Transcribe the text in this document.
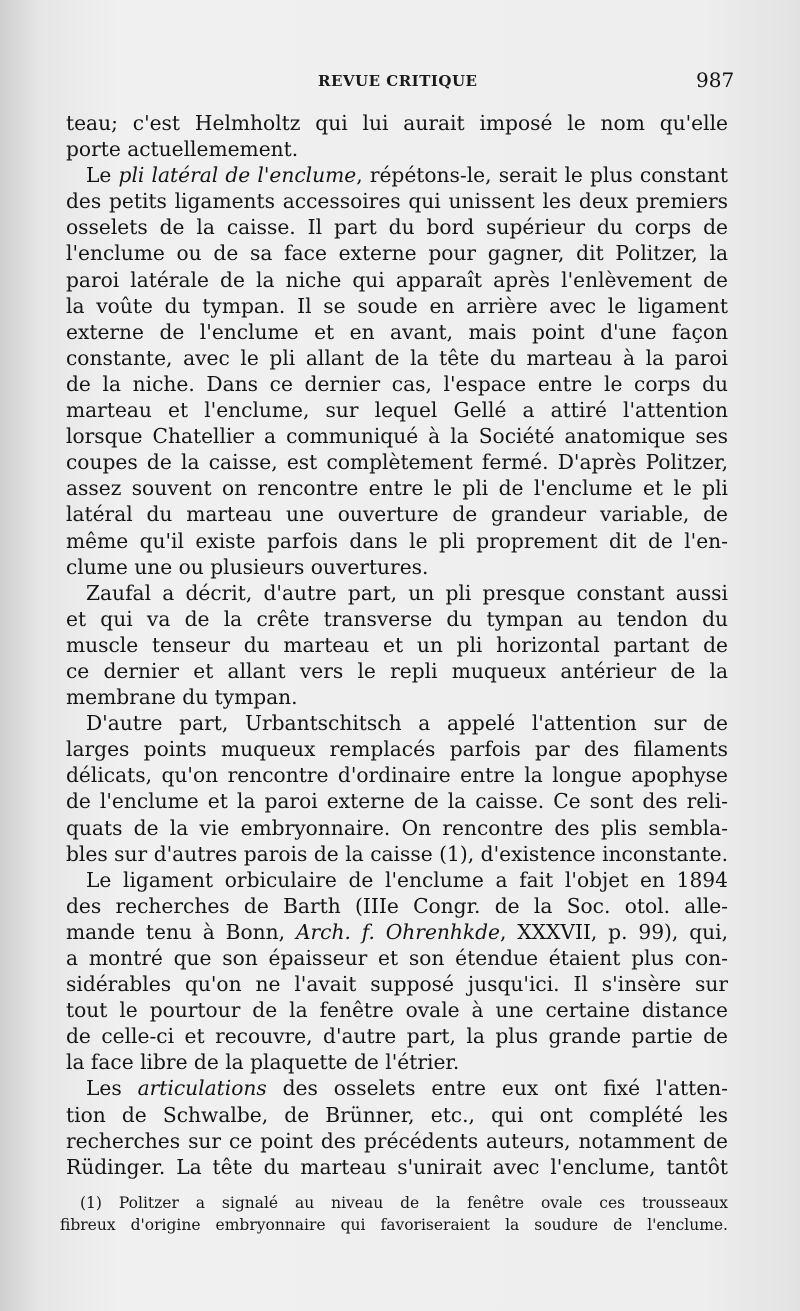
REVUE CRITIQUE	987
teau; c'est Helmholtz qui lui aurait imposé le nom qu'elle
porte actuellemement.
Le pli latéral de l'enclume, répétons-le, serait le plus constant
des petits ligaments accessoires qui unissent les deux premiers
osselets de la caisse. Il part du bord supérieur du corps de
l'enclume ou de sa face externe pour gagner, dit Politzer, la
paroi latérale de la niche qui apparaît après l'enlèvement de
la voûte du tympan. Il se soude en arrière avec le ligament
externe de l'enclume et en avant, mais point d'une façon
constante, avec le pli allant de la tête du marteau à la paroi
de la niche. Dans ce dernier cas, l'espace entre le corps du
marteau et l'enclume, sur lequel Gellé a attiré l'attention
lorsque Chatellier a communiqué à la Société anatomique ses
coupes de la caisse, est complètement fermé. D'après Politzer,
assez souvent on rencontre entre le pli de l'enclume et le pli
latéral du marteau une ouverture de grandeur variable, de
même qu'il existe parfois dans le pli proprement dit de l'en-
clume une ou plusieurs ouvertures.
Zaufal a décrit, d'autre part, un pli presque constant aussi
et qui va de la crête transverse du tympan au tendon du
muscle tenseur du marteau et un pli horizontal partant de
ce dernier et allant vers le repli muqueux antérieur de la
membrane du tympan.
D'autre part, Urbantschitsch a appelé l'attention sur de
larges points muqueux remplacés parfois par des filaments
délicats, qu'on rencontre d'ordinaire entre la longue apophyse
de l'enclume et la paroi externe de la caisse. Ce sont des reli-
quats de la vie embryonnaire. On rencontre des plis sembla-
bles sur d'autres parois de la caisse (1), d'existence inconstante.
Le ligament orbiculaire de l'enclume a fait l'objet en 1894
des recherches de Barth (IIIe Congr. de la Soc. otol. alle-
mande tenu à Bonn, Arch. f. Ohrenhkde, XXXVII, p. 99), qui,
a montré que son épaisseur et son étendue étaient plus con-
sidérables qu'on ne l'avait supposé jusqu'ici. Il s'insère sur
tout le pourtour de la fenêtre ovale à une certaine distance
de celle-ci et recouvre, d'autre part, la plus grande partie de
la face libre de la plaquette de l'étrier.
Les articulations des osselets entre eux ont fixé l'atten-
tion de Schwalbe, de Brünner, etc., qui ont complété les
recherches sur ce point des précédents auteurs, notamment de
Rüdinger. La tête du marteau s'unirait avec l'enclume, tantôt
(1) Politzer a signalé au niveau de la fenêtre ovale ces trousseaux
fibreux d'origine embryonnaire qui favoriseraient la soudure de l'enclume.
